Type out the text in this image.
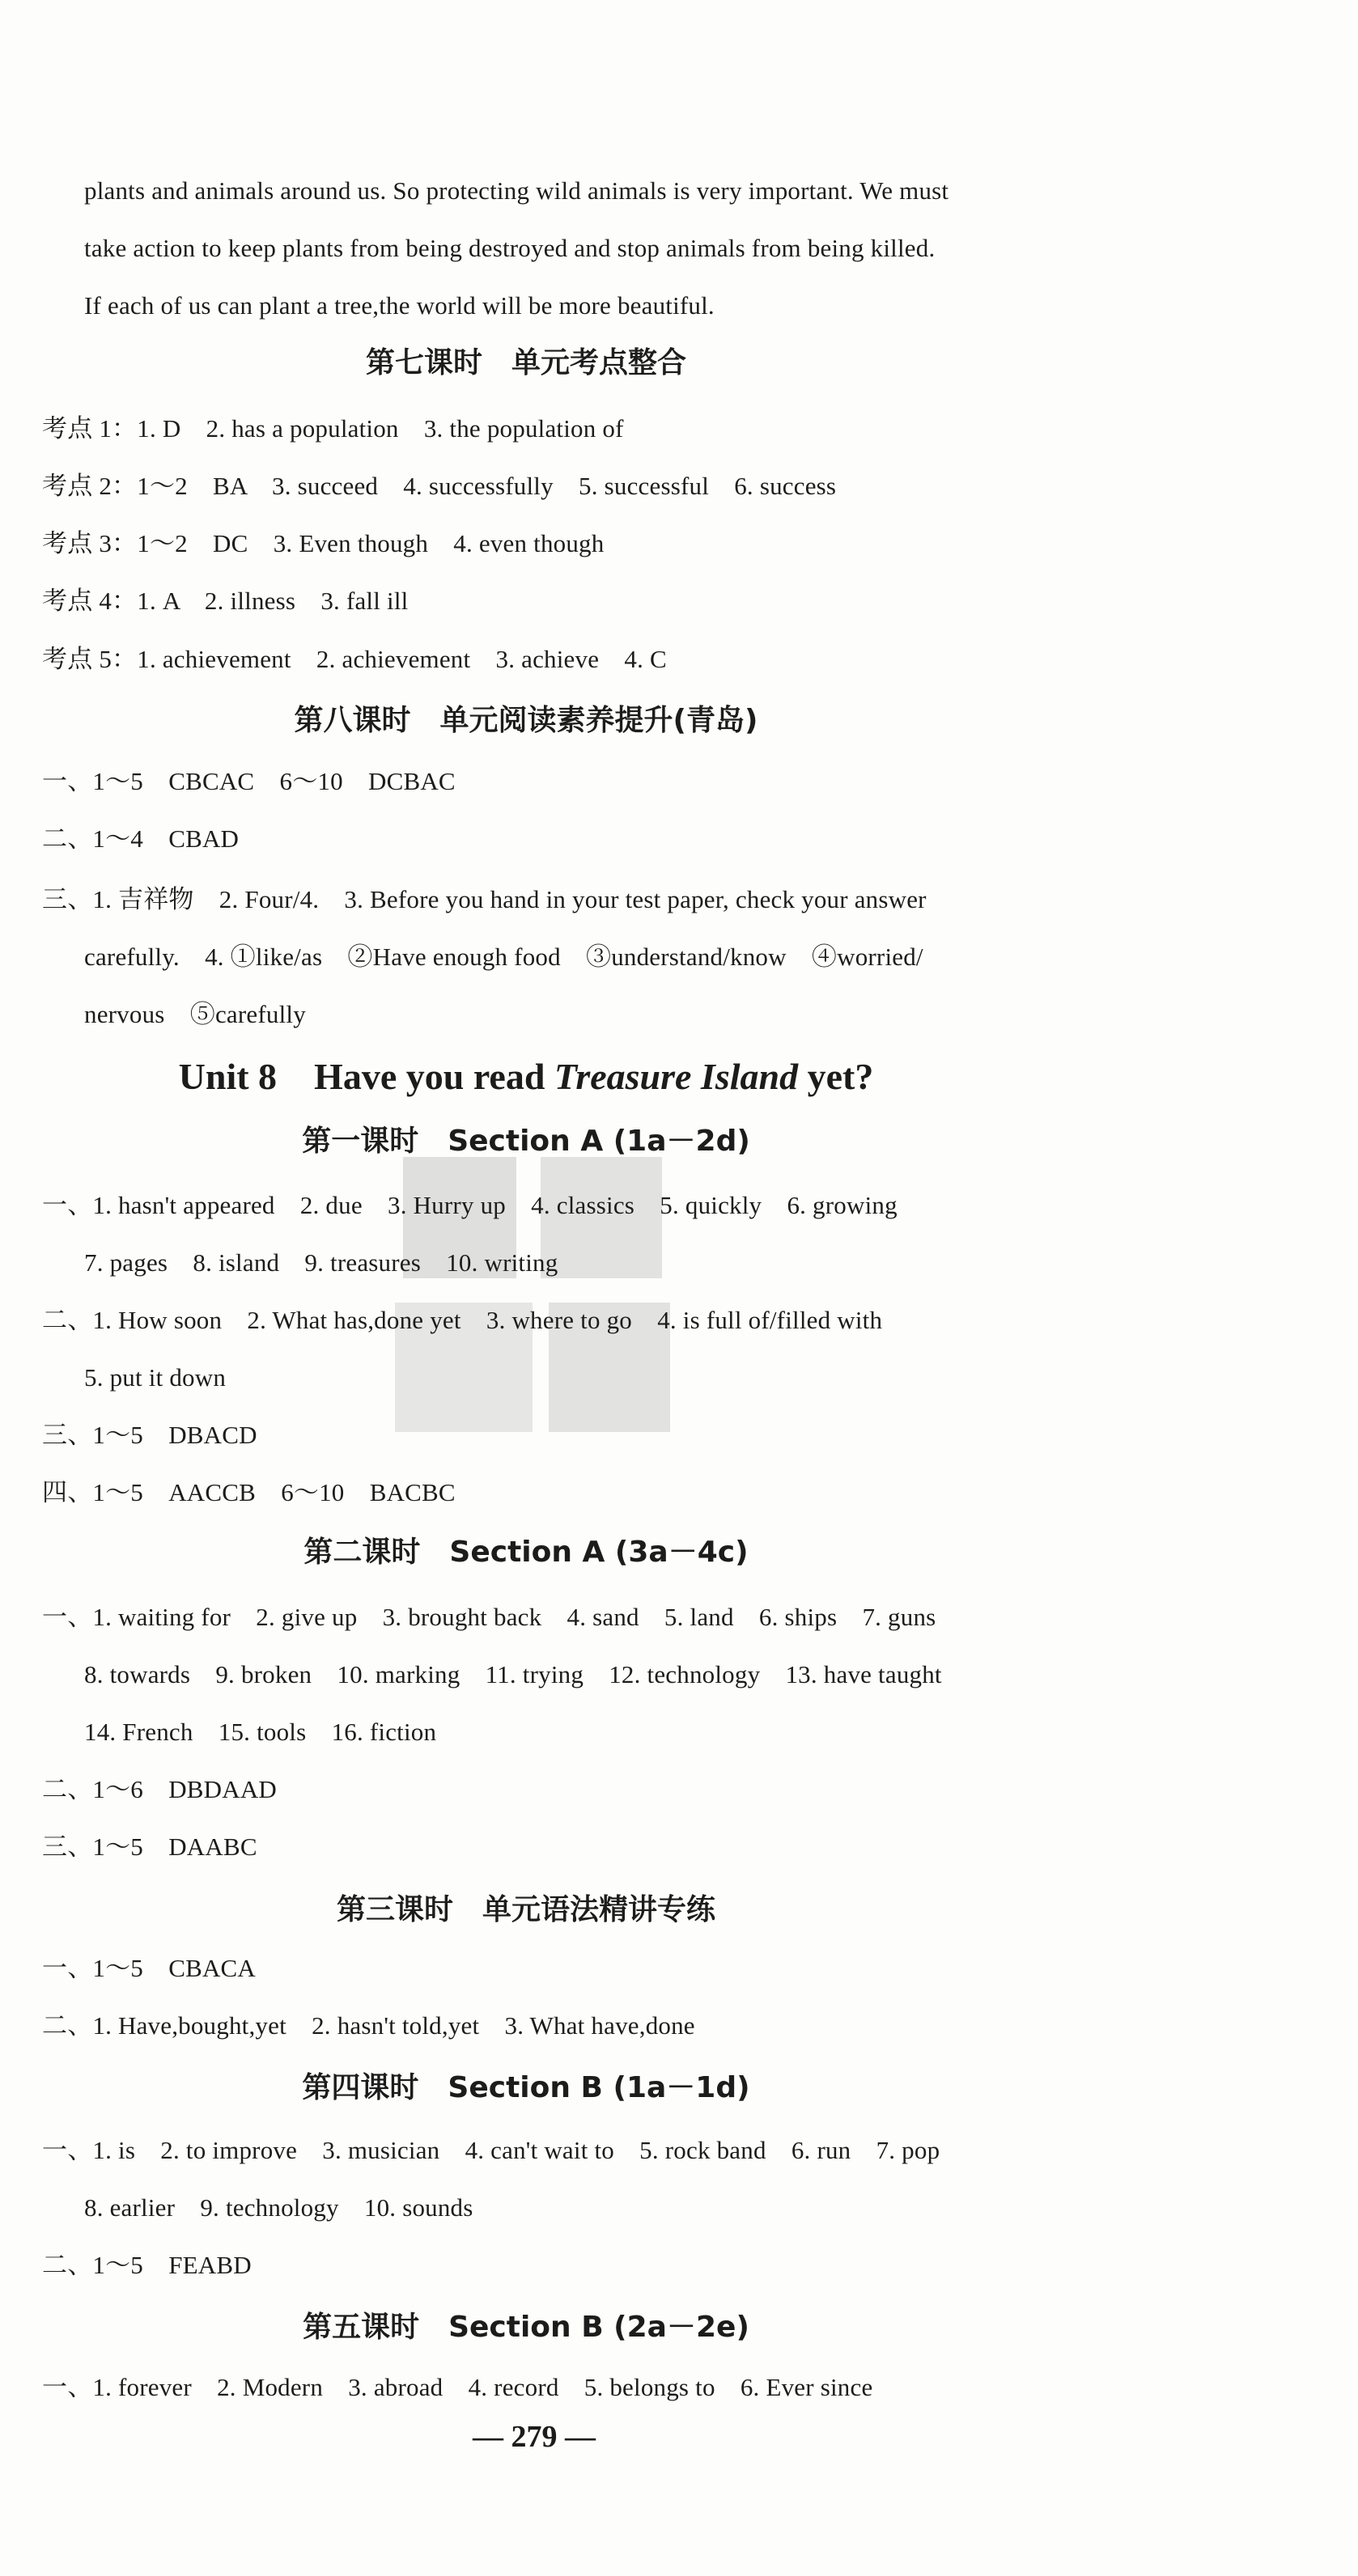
plants and animals around us. So protecting wild animals is very important. We must
take action to keep plants from being destroyed and stop animals from being killed.
If each of us can plant a tree,the world will be more beautiful.
第七课时　单元考点整合
考点 1：1. D　2. has a population　3. the population of
考点 2：1～2　BA　3. succeed　4. successfully　5. successful　6. success
考点 3：1～2　DC　3. Even though　4. even though
考点 4：1. A　2. illness　3. fall ill
考点 5：1. achievement　2. achievement　3. achieve　4. C
第八课时　单元阅读素养提升(青岛)
一、1～5　CBCAC　6～10　DCBAC
二、1～4　CBAD
三、1. 吉祥物　2. Four/4.　3. Before you hand in your test paper, check your answer
carefully.　4. ①like/as　②Have enough food　③understand/know　④worried/
nervous　⑤carefully
Unit 8　Have you read Treasure Island yet?
第一课时　Section A (1a－2d)
一、1. hasn't appeared　2. due　3. Hurry up　4. classics　5. quickly　6. growing
7. pages　8. island　9. treasures　10. writing
二、1. How soon　2. What has,done yet　3. where to go　4. is full of/filled with
5. put it down
三、1～5　DBACD
四、1～5　AACCB　6～10　BACBC
第二课时　Section A (3a－4c)
一、1. waiting for　2. give up　3. brought back　4. sand　5. land　6. ships　7. guns
8. towards　9. broken　10. marking　11. trying　12. technology　13. have taught
14. French　15. tools　16. fiction
二、1～6　DBDAAD
三、1～5　DAABC
第三课时　单元语法精讲专练
一、1～5　CBACA
二、1. Have,bought,yet　2. hasn't told,yet　3. What have,done
第四课时　Section B (1a－1d)
一、1. is　2. to improve　3. musician　4. can't wait to　5. rock band　6. run　7. pop
8. earlier　9. technology　10. sounds
二、1～5　FEABD
第五课时　Section B (2a－2e)
一、1. forever　2. Modern　3. abroad　4. record　5. belongs to　6. Ever since
— 279 —
